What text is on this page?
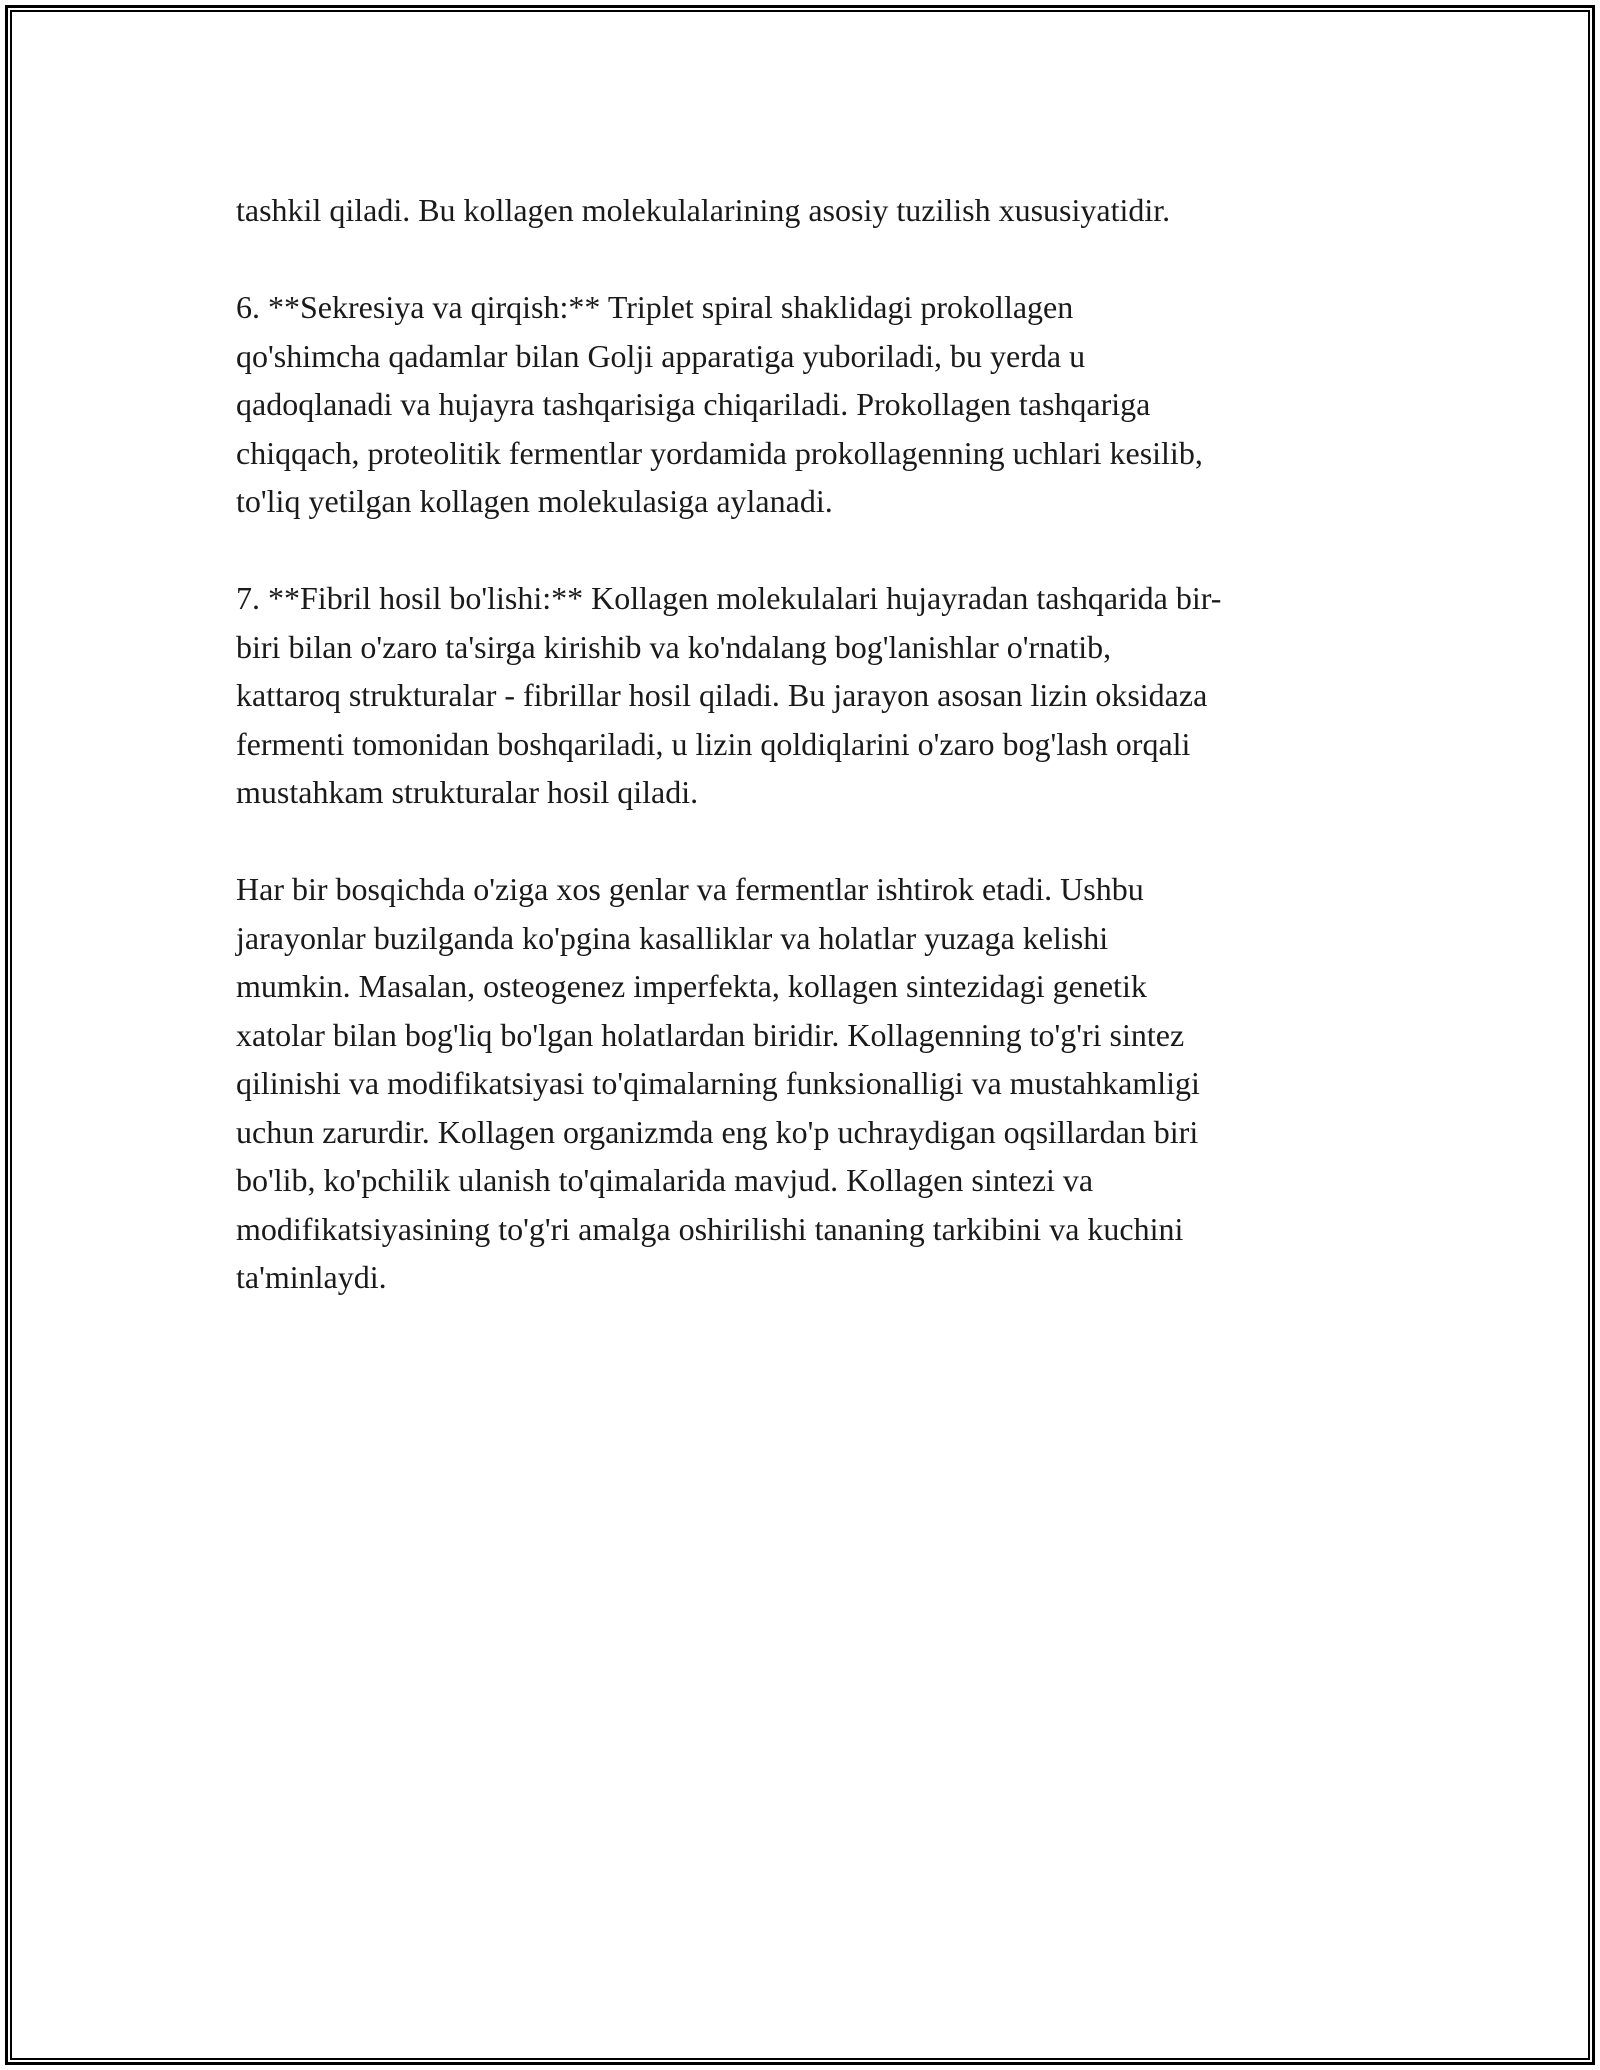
tashkil qiladi. Bu kollagen molekulalarining asosiy tuzilish xususiyatidir.

6. **Sekresiya va qirqish:** Triplet spiral shaklidagi prokollagen
qo'shimcha qadamlar bilan Golji apparatiga yuboriladi, bu yerda u
qadoqlanadi va hujayra tashqarisiga chiqariladi. Prokollagen tashqariga
chiqqach, proteolitik fermentlar yordamida prokollagenning uchlari kesilib,
to'liq yetilgan kollagen molekulasiga aylanadi.

7. **Fibril hosil bo'lishi:** Kollagen molekulalari hujayradan tashqarida bir-
biri bilan o'zaro ta'sirga kirishib va ko'ndalang bog'lanishlar o'rnatib,
kattaroq strukturalar - fibrillar hosil qiladi. Bu jarayon asosan lizin oksidaza
fermenti tomonidan boshqariladi, u lizin qoldiqlarini o'zaro bog'lash orqali
mustahkam strukturalar hosil qiladi.

Har bir bosqichda o'ziga xos genlar va fermentlar ishtirok etadi. Ushbu
jarayonlar buzilganda ko'pgina kasalliklar va holatlar yuzaga kelishi
mumkin. Masalan, osteogenez imperfekta, kollagen sintezidagi genetik
xatolar bilan bog'liq bo'lgan holatlardan biridir. Kollagenning to'g'ri sintez
qilinishi va modifikatsiyasi to'qimalarning funksionalligi va mustahkamligi
uchun zarurdir. Kollagen organizmda eng ko'p uchraydigan oqsillardan biri
bo'lib, ko'pchilik ulanish to'qimalarida mavjud. Kollagen sintezi va
modifikatsiyasining to'g'ri amalga oshirilishi tananing tarkibini va kuchini
ta'minlaydi.
